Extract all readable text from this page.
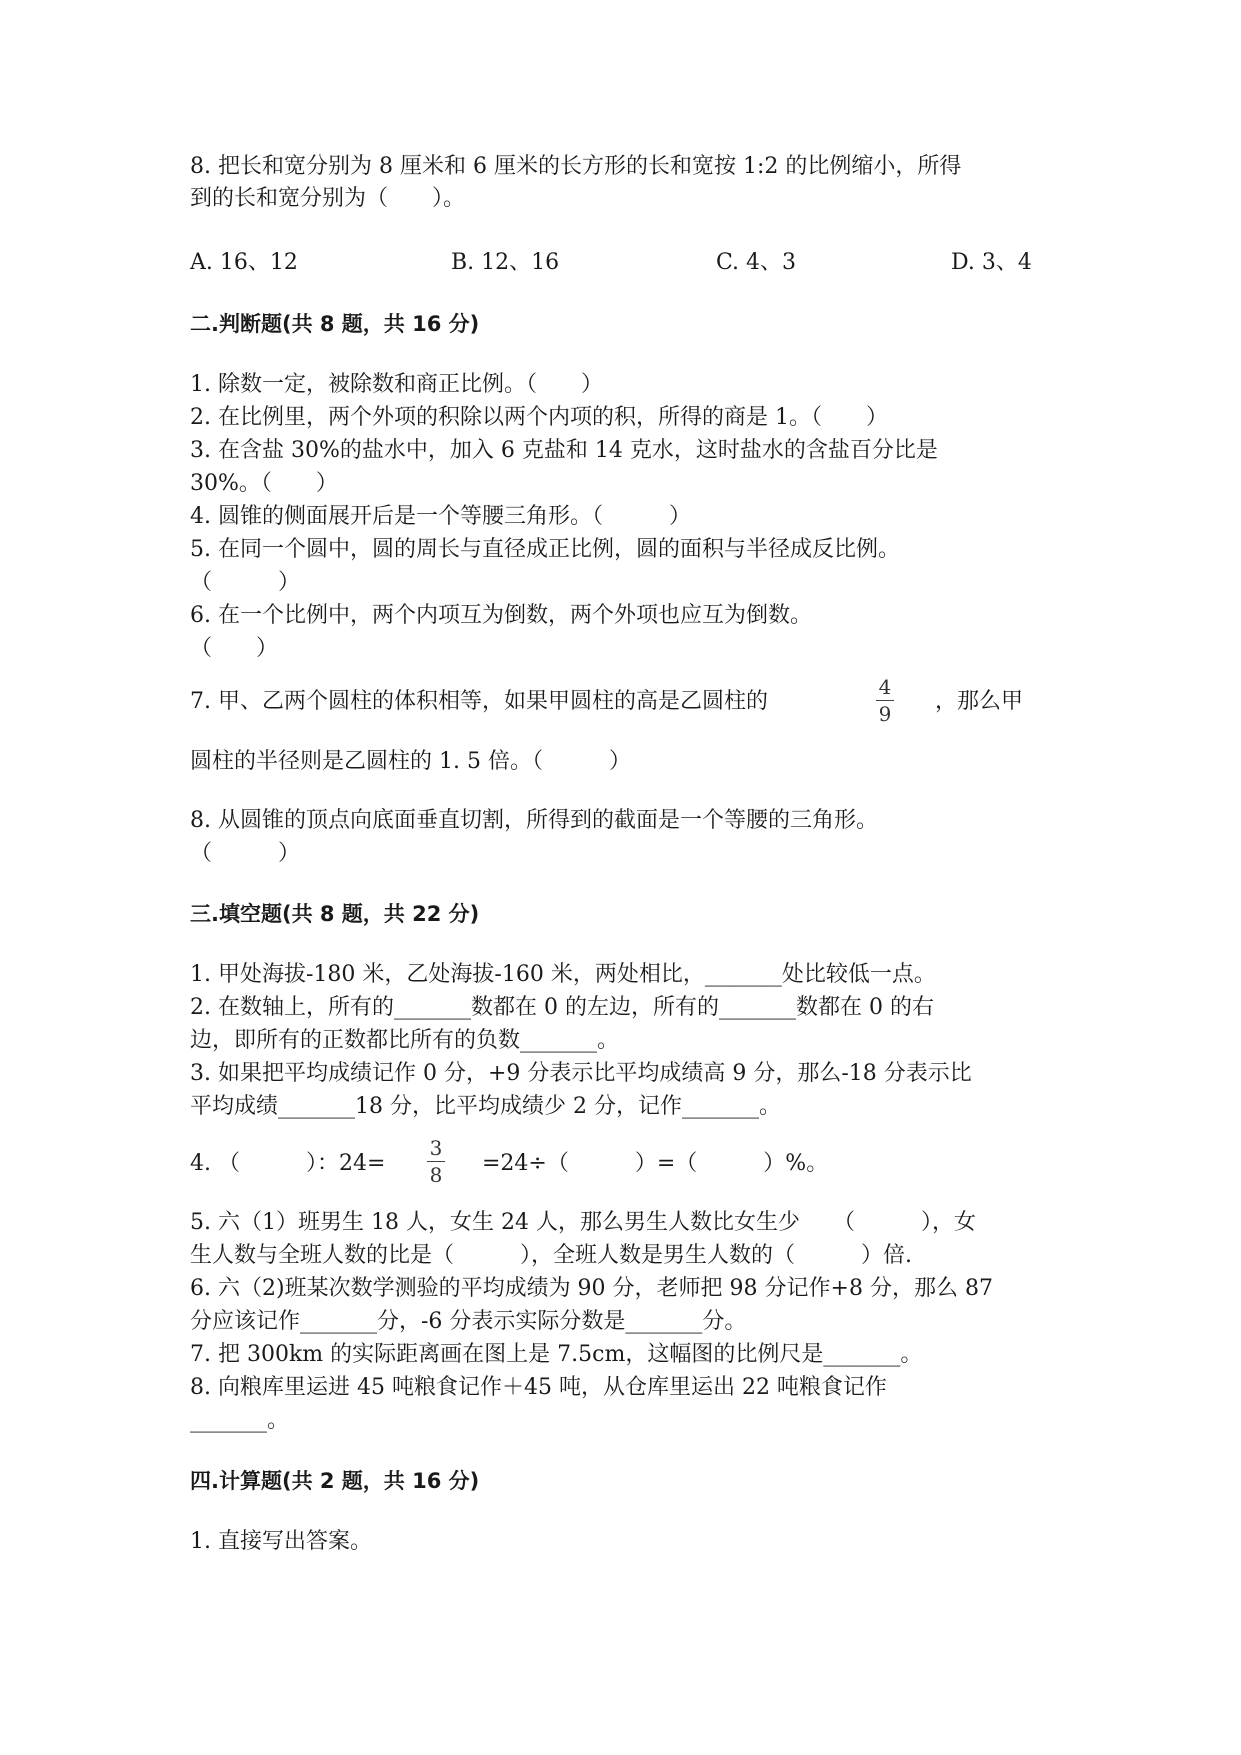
8. 把长和宽分别为 8 厘米和 6 厘米的长方形的长和宽按 1:2 的比例缩小，所得
到的长和宽分别为（　　）。
A. 16、12	B. 12、16	C. 4、3	D. 3、4
二.判断题(共 8 题，共 16 分)
1. 除数一定，被除数和商正比例。（　　）
2. 在比例里，两个外项的积除以两个内项的积，所得的商是 1。（　　）
3. 在含盐 30%的盐水中，加入 6 克盐和 14 克水，这时盐水的含盐百分比是
30%。（　　）
4. 圆锥的侧面展开后是一个等腰三角形。（　　　）
5. 在同一个圆中，圆的周长与直径成正比例，圆的面积与半径成反比例。
（　　　）
6. 在一个比例中，两个内项互为倒数，两个外项也应互为倒数。
（　　）
7. 甲、乙两个圆柱的体积相等，如果甲圆柱的高是乙圆柱的
4
9 ，那么甲
圆柱的半径则是乙圆柱的 1. 5 倍。（　　　）
8. 从圆锥的顶点向底面垂直切割，所得到的截面是一个等腰的三角形。
（　　　）
三.填空题(共 8 题，共 22 分)
1. 甲处海拔-180 米，乙处海拔-160 米，两处相比，_______处比较低一点。
2. 在数轴上，所有的_______数都在 0 的左边，所有的_______数都在 0 的右
边，即所有的正数都比所有的负数_______。
3. 如果把平均成绩记作 0 分，+9 分表示比平均成绩高 9 分，那么-18 分表示比
平均成绩_______18 分，比平均成绩少 2 分，记作_______。
4. （　　　）：24=
3
8 =24÷（　　　）=（　　　）%。
5. 六（1）班男生 18 人，女生 24 人，那么男生人数比女生少　　（　　　），女
生人数与全班人数的比是（　　　），全班人数是男生人数的（　　　）倍.
6. 六（2)班某次数学测验的平均成绩为 90 分，老师把 98 分记作+8 分，那么 87
分应该记作_______分，-6 分表示实际分数是_______分。
7. 把 300km 的实际距离画在图上是 7.5cm，这幅图的比例尺是_______。
8. 向粮库里运进 45 吨粮食记作＋45 吨，从仓库里运出 22 吨粮食记作
_______。
四.计算题(共 2 题，共 16 分)
1. 直接写出答案。
